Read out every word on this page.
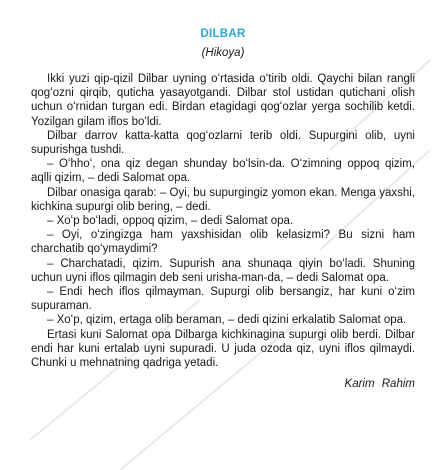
DILBAR
(Hikoya)

Ikki yuzi qip-qizil Dilbar uyning oʻrtasida oʻtirib oldi. Qaychi bilan rangli qogʻozni qirqib, quticha yasayotgandi. Dilbar stol ustidan qutichani olish uchun oʻrnidan turgan edi. Birdan etagidagi qogʻozlar yerga sochilib ketdi. Yozilgan gilam iflos boʻldi.

Dilbar darrov katta-katta qogʻozlarni terib oldi. Supurgini olib, uyni supurishga tushdi.

– Oʻhhoʻ, ona qiz degan shunday boʻlsin-da. Oʻzimning oppoq qizim, aqlli qizim, – dedi Salomat opa.

Dilbar onasiga qarab: – Oyi, bu supurgingiz yomon ekan. Menga yaxshi, kichkina supurgi olib bering, – dedi.

– Xoʻp boʻladi, oppoq qizim, – dedi Salomat opa.

– Oyi, oʻzingizga ham yaxshisidan olib kelasizmi? Bu sizni ham charchatib qoʻymaydimi?

– Charchatadi, qizim. Supurish ana shunaqa qiyin boʻladi. Shuning uchun uyni iflos qilmagin deb seni urisha-man-da, – dedi Salomat opa.

– Endi hech iflos qilmayman. Supurgi olib bersangiz, har kuni oʻzim supuraman.

– Xoʻp, qizim, ertaga olib beraman, – dedi qizini erkalatib Salomat opa.

Ertasi kuni Salomat opa Dilbarga kichkinagina supurgi olib berdi. Dilbar endi har kuni ertalab uyni supuradi. U juda ozoda qiz, uyni iflos qilmaydi. Chunki u mehnatning qadriga yetadi.

Karim Rahim
